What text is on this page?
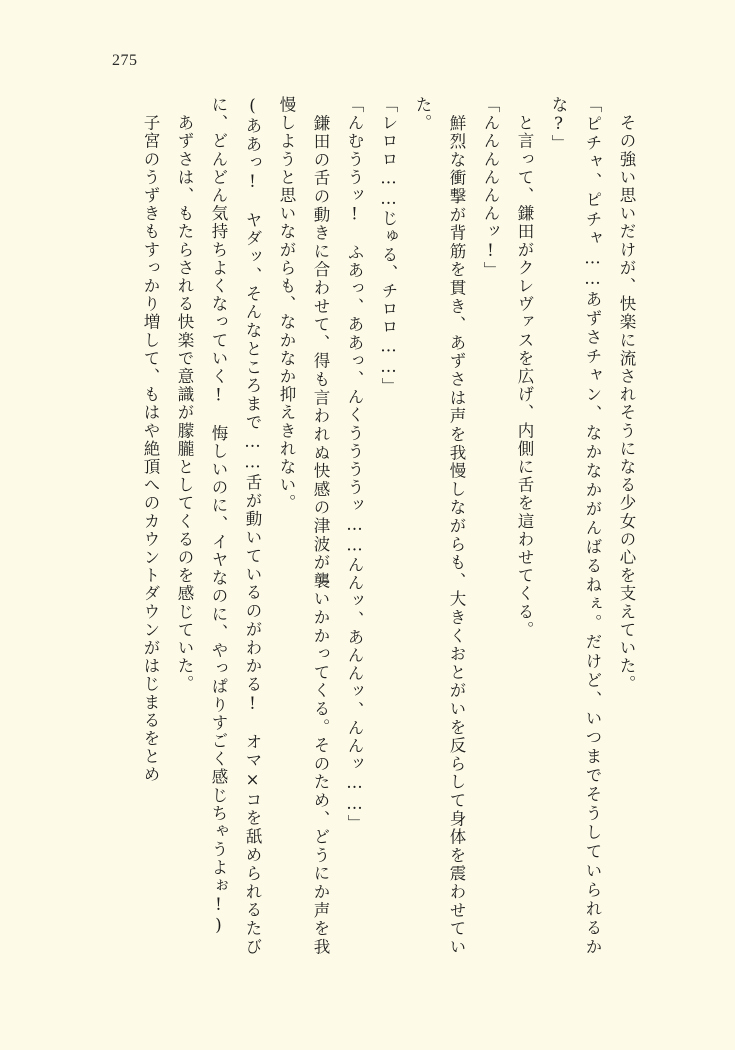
275

　その強い思いだけが、快楽に流されそうになる少女の心を支えていた。

「ピチャ、ピチャ……あずさチャン、なかなかがんばるねぇ。だけど、いつまでそうしていられるかな?」

　と言って、鎌田がクレヴァスを広げ、内側に舌を這わせてくる。

「んんんんんんッ!」

　鮮烈な衝撃が背筋を貫き、あずさは声を我慢しながらも、大きくおとがいを反らして身体を震わせていた。

「レロロ……じゅる、チロロ……」

「んむううッ!　ふあっ、ああっ、んくううううッ……んんッ、あんんッ、んんッ……」

　鎌田の舌の動きに合わせて、得も言われぬ快感の津波が襲いかかってくる。そのため、どうにか声を我慢しようと思いながらも、なかなか抑えきれない。

(ああっ!　ヤダッ、そんなところまで……舌が動いているのがわかる!　オマ×コを舐められるたびに、どんどん気持ちよくなっていく!　悔しいのに、イヤなのに、やっぱりすごく感じちゃうよぉ!)

　あずさは、もたらされる快楽で意識が朦朧としてくるのを感じていた。

　子宮のうずきもすっかり増して、もはや絶頂へのカウントダウンがはじまるをとめ
